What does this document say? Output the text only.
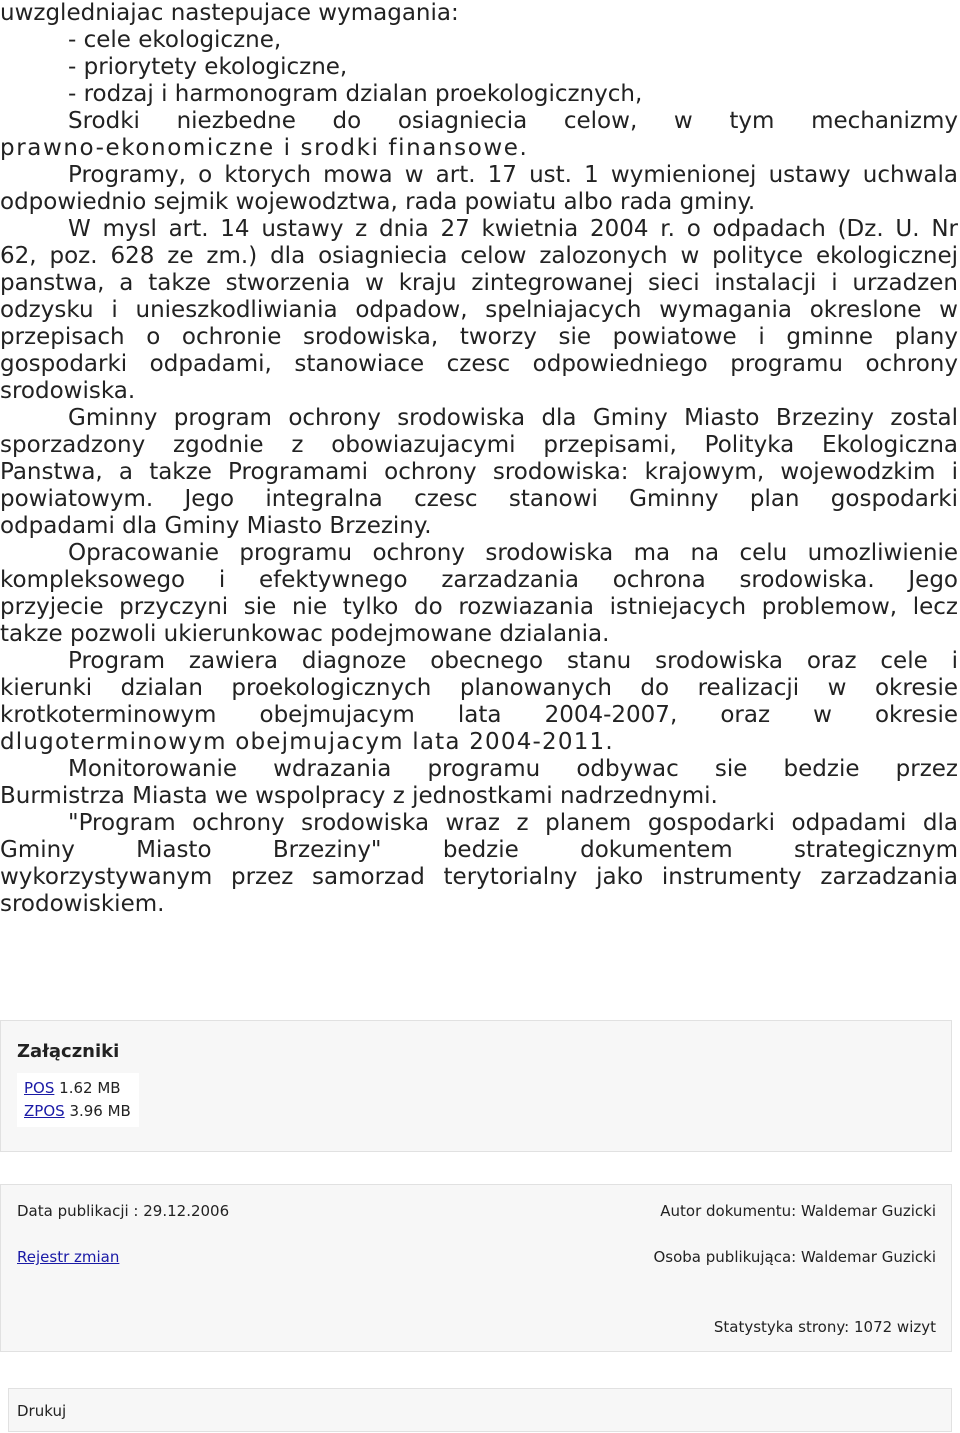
uwzgledniajac nastepujace wymagania:
- cele ekologiczne,
- priorytety ekologiczne,
- rodzaj i harmonogram dzialan proekologicznych,
Srodki niezbedne do osiagniecia celow, w tym mechanizmy
prawno-ekonomiczne i srodki finansowe.
Programy, o ktorych mowa w art. 17 ust. 1 wymienionej ustawy uchwala
odpowiednio sejmik wojewodztwa, rada powiatu albo rada gminy.
W mysl art. 14 ustawy z dnia 27 kwietnia 2004 r. o odpadach (Dz. U. Nr
62, poz. 628 ze zm.) dla osiagniecia celow zalozonych w polityce ekologicznej
panstwa, a takze stworzenia w kraju zintegrowanej sieci instalacji i urzadzen
odzysku i unieszkodliwiania odpadow, spelniajacych wymagania okreslone w
przepisach o ochronie srodowiska, tworzy sie powiatowe i gminne plany
gospodarki odpadami, stanowiace czesc odpowiedniego programu ochrony
srodowiska.
Gminny program ochrony srodowiska dla Gminy Miasto Brzeziny zostal
sporzadzony zgodnie z obowiazujacymi przepisami, Polityka Ekologiczna
Panstwa, a takze Programami ochrony srodowiska: krajowym, wojewodzkim i
powiatowym. Jego integralna czesc stanowi Gminny plan gospodarki
odpadami dla Gminy Miasto Brzeziny.
Opracowanie programu ochrony srodowiska ma na celu umozliwienie
kompleksowego i efektywnego zarzadzania ochrona srodowiska. Jego
przyjecie przyczyni sie nie tylko do rozwiazania istniejacych problemow, lecz
takze pozwoli ukierunkowac podejmowane dzialania.
Program zawiera diagnoze obecnego stanu srodowiska oraz cele i
kierunki dzialan proekologicznych planowanych do realizacji w okresie
krotkoterminowym obejmujacym lata 2004-2007, oraz w okresie
dlugoterminowym obejmujacym lata 2004-2011.
Monitorowanie wdrazania programu odbywac sie bedzie przez
Burmistrza Miasta we wspolpracy z jednostkami nadrzednymi.
"Program ochrony srodowiska wraz z planem gospodarki odpadami dla
Gminy Miasto Brzeziny" bedzie dokumentem strategicznym
wykorzystywanym przez samorzad terytorialny jako instrumenty zarzadzania
srodowiskiem.
Załączniki
POS 1.62 MB
ZPOS 3.96 MB
Data publikacji : 29.12.2006	Autor dokumentu: Waldemar Guzicki
Rejestr zmian	Osoba publikująca: Waldemar Guzicki
Statystyka strony: 1072 wizyt
Drukuj
